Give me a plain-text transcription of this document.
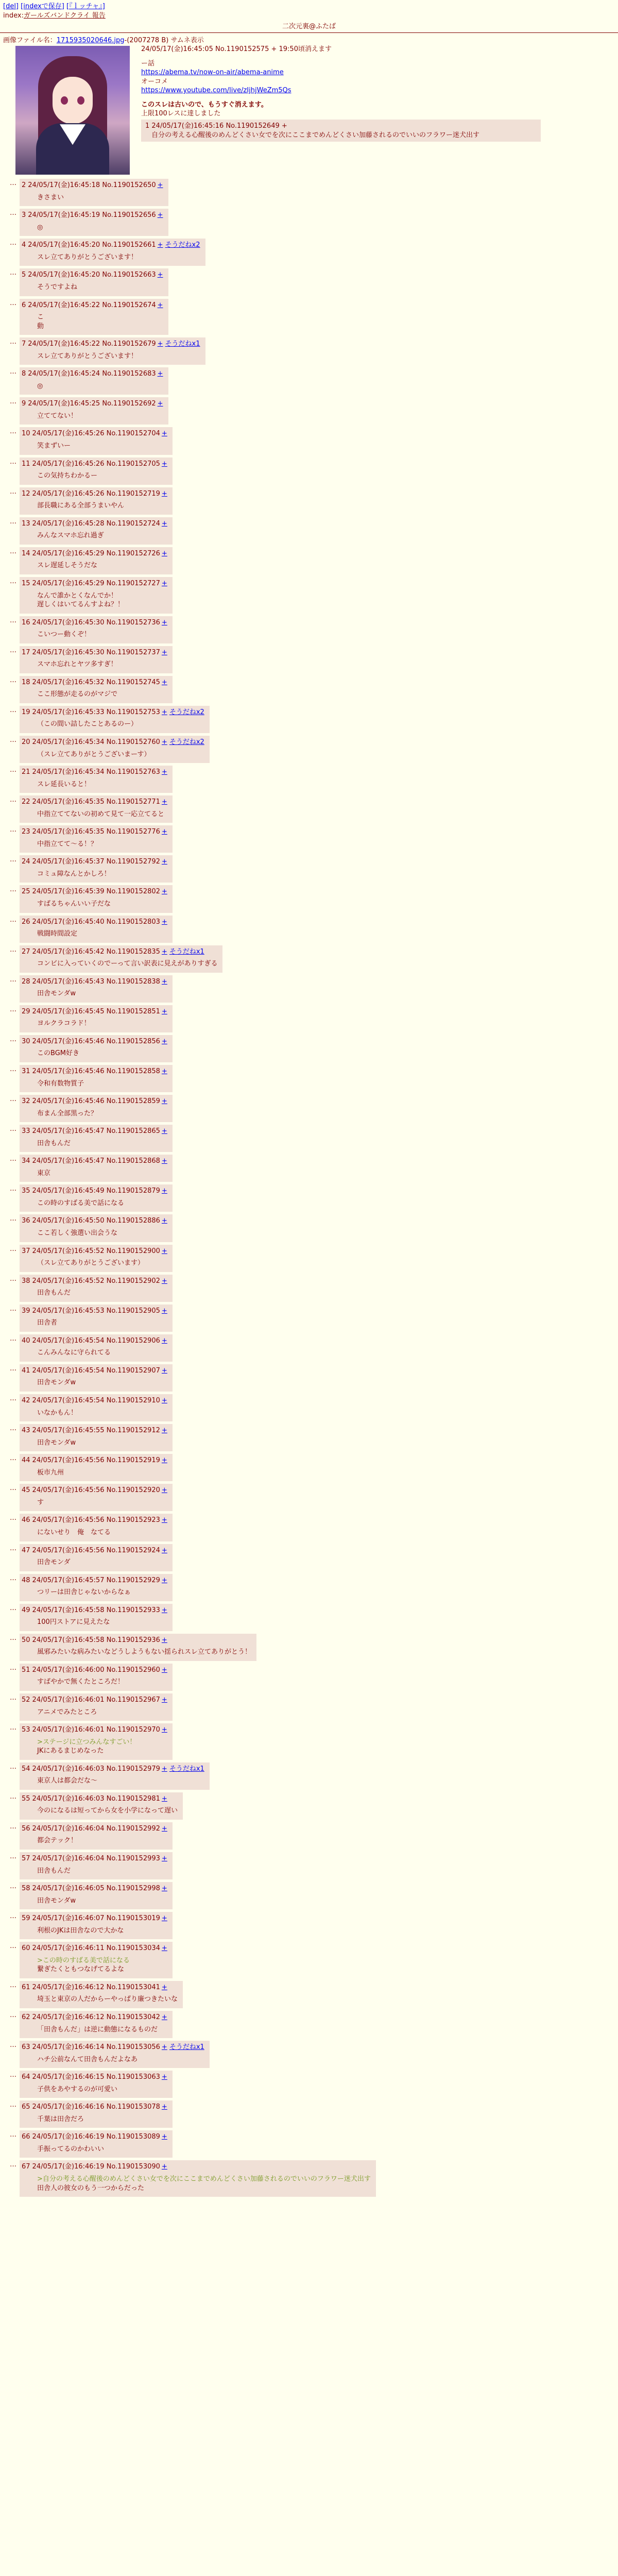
[del] [indexで保存] [『ｌッチャ』]
index:ガールズバンドクライ 報告
二次元裏@ふたば
画像ファイル名：1715935020646.jpg-(2007278 B) サムネ表示
24/05/17(金)16:45:05 No.1190152575 + 19:50頃消えます
ー話
https://abema.tv/now-on-air/abema-anime
オーコメ
https://www.youtube.com/live/zIjhjWeZm5Qs
このスレは古いので、もうすぐ消えます。
上限100レスに達しました
1 24/05/17(金)16:45:16 No.1190152649 +
自分の考える心醒後のめんどくさい女でを次にここまでめんどくさい加藤されるのでいいのフラワー迷犬出す
… 2 24/05/17(金)16:45:18 No.1190152650 +
きさまい
… 3 24/05/17(金)16:45:19 No.1190152656 +
◎
… 4 24/05/17(金)16:45:20 No.1190152661 + そうだねx2
スレ立てありがとうございます！
… 5 24/05/17(金)16:45:20 No.1190152663 +
そうですよね
… 6 24/05/17(金)16:45:22 No.1190152674 +
こ
動
… 7 24/05/17(金)16:45:22 No.1190152679 + そうだねx1
スレ立てありがとうございます！
… 8 24/05/17(金)16:45:24 No.1190152683 +
◎
… 9 24/05/17(金)16:45:25 No.1190152692 +
立ててない！
… 10 24/05/17(金)16:45:26 No.1190152704 +
笑まずいー
… 11 24/05/17(金)16:45:26 No.1190152705 +
この気持ちわかるー
… 12 24/05/17(金)16:45:26 No.1190152719 +
部長職にある全部うまいやん
… 13 24/05/17(金)16:45:28 No.1190152724 +
みんなスマホ忘れ過ぎ
… 14 24/05/17(金)16:45:29 No.1190152726 +
スレ遅延しそうだな
… 15 24/05/17(金)16:45:29 No.1190152727 +
なんで誰かとくなんでか！
遅しくはいてるんすよね？！
… 16 24/05/17(金)16:45:30 No.1190152736 +
こいつー動くぞ！
… 17 24/05/17(金)16:45:30 No.1190152737 +
スマホ忘れとヤツ多すぎ！
… 18 24/05/17(金)16:45:32 No.1190152745 +
ここ形態が走るのがマジで
… 19 24/05/17(金)16:45:33 No.1190152753 + そうだねx2
（この間い詰したことあるのー）
… 20 24/05/17(金)16:45:34 No.1190152760 + そうだねx2
（スレ立てありがとうございまーす）
… 21 24/05/17(金)16:45:34 No.1190152763 +
スレ延長いると！
… 22 24/05/17(金)16:45:35 No.1190152771 +
中指立ててないの初めて見て一応立てると
… 23 24/05/17(金)16:45:35 No.1190152776 +
中指立てて〜る！？
… 24 24/05/17(金)16:45:37 No.1190152792 +
コミュ障なんとかしろ！
… 25 24/05/17(金)16:45:39 No.1190152802 +
すばるちゃんいい子だな
… 26 24/05/17(金)16:45:40 No.1190152803 +
戦闘時間設定
… 27 24/05/17(金)16:45:42 No.1190152835 + そうだねx1
コンビに入っていくのでーって言い訳表に見えがありすぎる
… 28 24/05/17(金)16:45:43 No.1190152838 +
田舎モンダw
… 29 24/05/17(金)16:45:45 No.1190152851 +
ヨルクラコラド！
… 30 24/05/17(金)16:45:46 No.1190152856 +
このBGM好き
… 31 24/05/17(金)16:45:46 No.1190152858 +
令和有数物質子
… 32 24/05/17(金)16:45:46 No.1190152859 +
布まん全部黒った？
… 33 24/05/17(金)16:45:47 No.1190152865 +
田舎もんだ
… 34 24/05/17(金)16:45:47 No.1190152868 +
東京
… 35 24/05/17(金)16:45:49 No.1190152879 +
この時のすばる美で話になる
… 36 24/05/17(金)16:45:50 No.1190152886 +
ここ若しく強選い出会うな
… 37 24/05/17(金)16:45:52 No.1190152900 +
（スレ立てありがとうございます）
… 38 24/05/17(金)16:45:52 No.1190152902 +
田舎もんだ
… 39 24/05/17(金)16:45:53 No.1190152905 +
田舎者
… 40 24/05/17(金)16:45:54 No.1190152906 +
こんみんなに守られてる
… 41 24/05/17(金)16:45:54 No.1190152907 +
田舎モンダw
… 42 24/05/17(金)16:45:54 No.1190152910 +
いなかもん！
… 43 24/05/17(金)16:45:55 No.1190152912 +
田舎モンダw
… 44 24/05/17(金)16:45:56 No.1190152919 +
板市九州
… 45 24/05/17(金)16:45:56 No.1190152920 +
す
… 46 24/05/17(金)16:45:56 No.1190152923 +
にないせり　俺　なてる
… 47 24/05/17(金)16:45:56 No.1190152924 +
田舎モンダ
… 48 24/05/17(金)16:45:57 No.1190152929 +
つリーは田舎じゃないからなぁ
… 49 24/05/17(金)16:45:58 No.1190152933 +
100円ストアに見えたな
… 50 24/05/17(金)16:45:58 No.1190152936 +
風邪みたいな病みたいなどうしようもない揺られスレ立てありがとう！
… 51 24/05/17(金)16:46:00 No.1190152960 +
すばやかで無くたところだ！
… 52 24/05/17(金)16:46:01 No.1190152967 +
アニメでみたところ
… 53 24/05/17(金)16:46:01 No.1190152970 +
>ステージに立つみんなすごい！
JKにあるまじめなった
… 54 24/05/17(金)16:46:03 No.1190152979 + そうだねx1
東京人は都会だな〜
… 55 24/05/17(金)16:46:03 No.1190152981 +
今のになるは短ってから女を小学になって遅い
… 56 24/05/17(金)16:46:04 No.1190152992 +
都会テック！
… 57 24/05/17(金)16:46:04 No.1190152993 +
田舎もんだ
… 58 24/05/17(金)16:46:05 No.1190152998 +
田舎モンダw
… 59 24/05/17(金)16:46:07 No.1190153019 +
利根のJKは田舎なので大かな
… 60 24/05/17(金)16:46:11 No.1190153034 +
>この時のすばる美で話になる
繋ぎたくともつなげてるよな
… 61 24/05/17(金)16:46:12 No.1190153041 +
埼玉と東京の人だからーやっぱり廉つきたいな
… 62 24/05/17(金)16:46:12 No.1190153042 +
「田舎もんだ」は逆に動態になるものだ
… 63 24/05/17(金)16:46:14 No.1190153056 + そうだねx1
ハチ公前なんて田舎もんだよなあ
… 64 24/05/17(金)16:46:15 No.1190153063 +
子供をあやするのが可愛い
… 65 24/05/17(金)16:46:16 No.1190153078 +
千葉は田舎だろ
… 66 24/05/17(金)16:46:19 No.1190153089 +
手振ってるのかわいい
… 67 24/05/17(金)16:46:19 No.1190153090 +
>自分の考える心醒後のめんどくさい女でを次にここまでめんどくさい加藤されるのでいいのフラワー迷犬出す
田舎人の彼女のもう一つからだった
